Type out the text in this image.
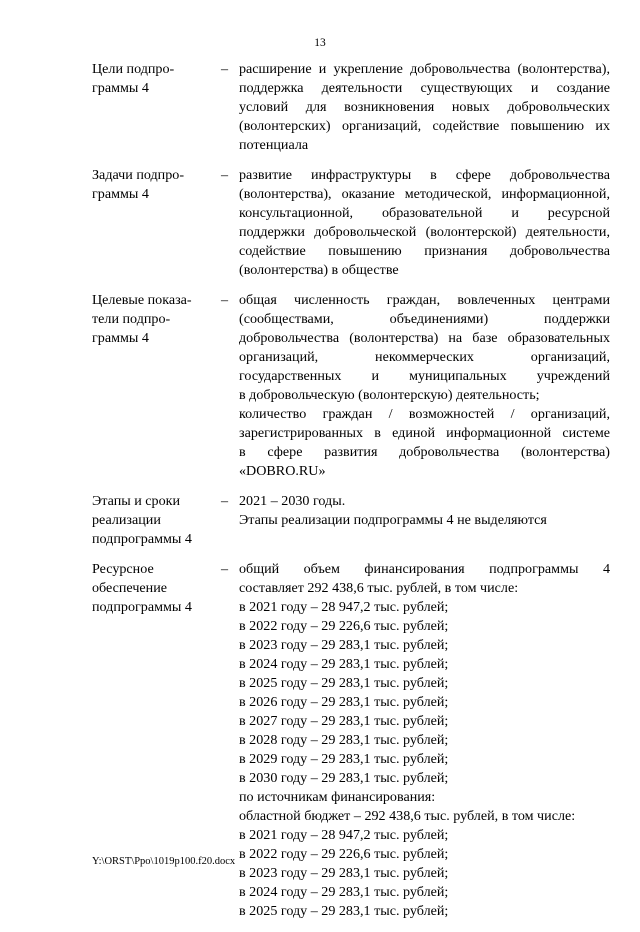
13
Цели подпро-
граммы 4
– расширение и укрепление добровольчества (волонтерства),

поддержка деятельности существующих и создание

условий для возникновения новых добровольческих

(волонтерских) организаций, содействие повышению их

потенциала

Задачи подпро-
граммы 4
– развитие инфраструктуры в сфере добровольчества

(волонтерства), оказание методической, информационной,

консультационной, образовательной и ресурсной

поддержки добровольческой (волонтерской) деятельности,

содействие повышению признания добровольчества

(волонтерства) в обществе

Целевые показа-
тели подпро-
граммы 4
– общая численность граждан, вовлеченных центрами

(сообществами, объединениями) поддержки

добровольчества (волонтерства) на базе образовательных

организаций, некоммерческих организаций,

государственных и муниципальных учреждений

в добровольческую (волонтерскую) деятельность;

количество граждан / возможностей / организаций,

зарегистрированных в единой информационной системе

в сфере развития добровольчества (волонтерства)

«DOBRO.RU»

Этапы и сроки
реализации
подпрограммы 4
– 2021 – 2030 годы.

Этапы реализации подпрограммы 4 не выделяются

Ресурсное
обеспечение
подпрограммы 4
– общий объем финансирования подпрограммы 4

составляет 292 438,6 тыс. рублей, в том числе:

в 2021 году – 28 947,2 тыс. рублей;
в 2022 году – 29 226,6 тыс. рублей;
в 2023 году – 29 283,1 тыс. рублей;
в 2024 году – 29 283,1 тыс. рублей;
в 2025 году – 29 283,1 тыс. рублей;
в 2026 году – 29 283,1 тыс. рублей;
в 2027 году – 29 283,1 тыс. рублей;
в 2028 году – 29 283,1 тыс. рублей;
в 2029 году – 29 283,1 тыс. рублей;
в 2030 году – 29 283,1 тыс. рублей;

по источникам финансирования:

областной бюджет – 292 438,6 тыс. рублей, в том числе:

в 2021 году – 28 947,2 тыс. рублей;
в 2022 году – 29 226,6 тыс. рублей;
в 2023 году – 29 283,1 тыс. рублей;
в 2024 году – 29 283,1 тыс. рублей;
в 2025 году – 29 283,1 тыс. рублей;
Y:\ORST\Ppo\1019p100.f20.docx
